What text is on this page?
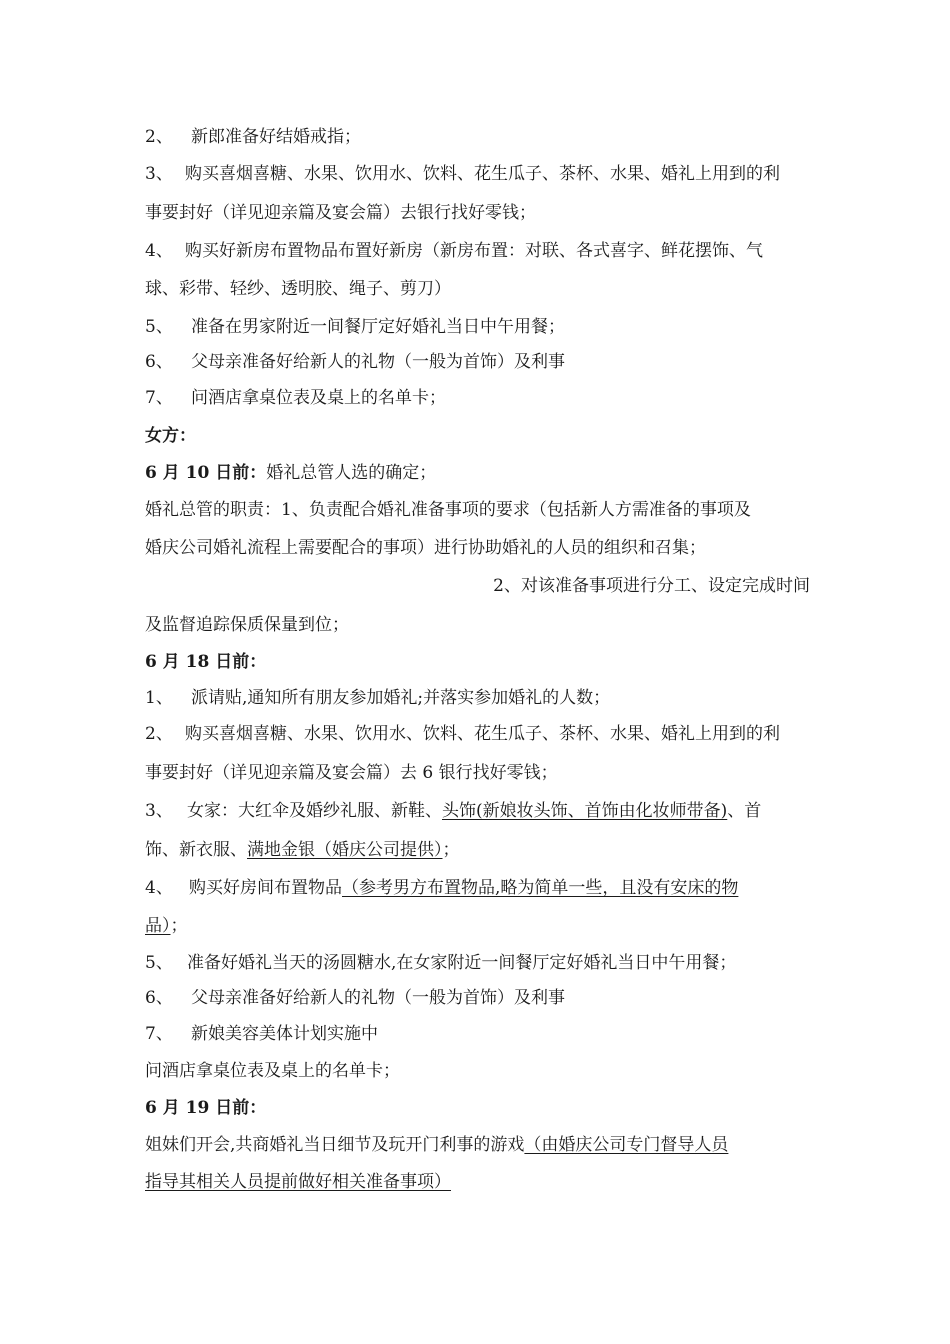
2、 新郎准备好结婚戒指；
3、 购买喜烟喜糖、水果、饮用水、饮料、花生瓜子、茶杯、水果、婚礼上用到的利
事要封好（详见迎亲篇及宴会篇）去银行找好零钱；
4、 购买好新房布置物品布置好新房（新房布置：对联、各式喜字、鲜花摆饰、气
球、彩带、轻纱、透明胶、绳子、剪刀）
5、 准备在男家附近一间餐厅定好婚礼当日中午用餐；
6、 父母亲准备好给新人的礼物（一般为首饰）及利事
7、 问酒店拿桌位表及桌上的名单卡；
女方：
6 月 10 日前：婚礼总管人选的确定；
婚礼总管的职责：1、负责配合婚礼准备事项的要求（包括新人方需准备的事项及
婚庆公司婚礼流程上需要配合的事项）进行协助婚礼的人员的组织和召集；
2、对该准备事项进行分工、设定完成时间
及监督追踪保质保量到位；
6 月 18 日前：
1、 派请贴,通知所有朋友参加婚礼;并落实参加婚礼的人数；
2、 购买喜烟喜糖、水果、饮用水、饮料、花生瓜子、茶杯、水果、婚礼上用到的利
事要封好（详见迎亲篇及宴会篇）去 6 银行找好零钱；
3、 女家：大红伞及婚纱礼服、新鞋、头饰(新娘妆头饰、首饰由化妆师带备)、首
饰、新衣服、满地金银（婚庆公司提供）；
4、 购买好房间布置物品（参考男方布置物品,略为简单一些，且没有安床的物
品）；
5、 准备好婚礼当天的汤圆糖水,在女家附近一间餐厅定好婚礼当日中午用餐；
6、 父母亲准备好给新人的礼物（一般为首饰）及利事
7、 新娘美容美体计划实施中
问酒店拿桌位表及桌上的名单卡；
6 月 19 日前：
姐妹们开会,共商婚礼当日细节及玩开门利事的游戏（由婚庆公司专门督导人员
指导其相关人员提前做好相关准备事项）
